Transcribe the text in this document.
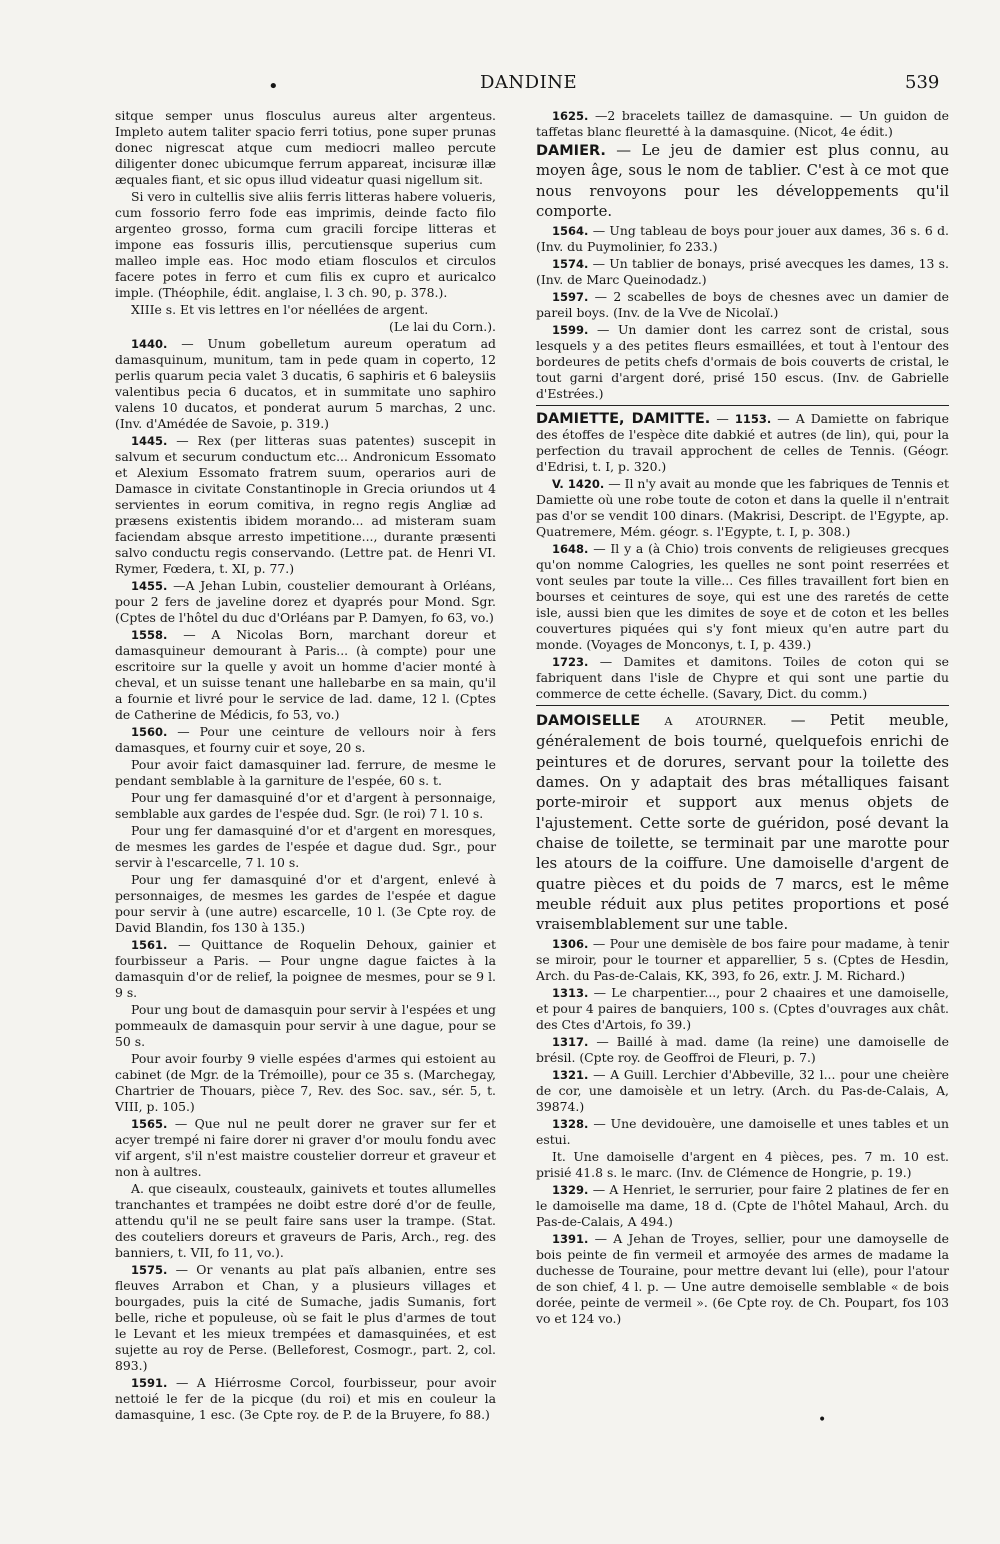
•	DANDINE	539

sitque semper unus flosculus aureus alter argenteus. Impleto autem taliter spacio ferri totius, pone super prunas donec nigrescat atque cum mediocri malleo percute diligenter donec ubicumque ferrum appareat, incisuræ illæ æquales fiant, et sic opus illud videatur quasi nigellum sit.

Si vero in cultellis sive aliis ferris litteras habere volueris, cum fossorio ferro fode eas imprimis, deinde facto filo argenteo grosso, forma cum gracili forcipe litteras et impone eas fossuris illis, percutiensque superius cum malleo imple eas. Hoc modo etiam flosculos et circulos facere potes in ferro et cum filis ex cupro et auricalco imple. (Théophile, édit. anglaise, l. 3 ch. 90, p. 378.).

XIIIe s. Et vis lettres en l'or néellées de argent.

(Le lai du Corn.).

1440. — Unum gobelletum aureum operatum ad damasquinum, munitum, tam in pede quam in coperto, 12 perlis quarum pecia valet 3 ducatis, 6 saphiris et 6 baleysiis valentibus pecia 6 ducatos, et in summitate uno saphiro valens 10 ducatos, et ponderat aurum 5 marchas, 2 unc. (Inv. d'Amédée de Savoie, p. 319.)

1445. — Rex (per litteras suas patentes) suscepit in salvum et securum conductum etc... Andronicum Essomato et Alexium Essomato fratrem suum, operarios auri de Damasce in civitate Constantinople in Grecia oriundos ut 4 servientes in eorum comitiva, in regno regis Angliæ ad præsens existentis ibidem morando... ad misteram suam faciendam absque arresto impetitione..., durante præsenti salvo conductu regis conservando. (Lettre pat. de Henri VI. Rymer, Fœdera, t. XI, p. 77.)

1455. —A Jehan Lubin, coustelier demourant à Orléans, pour 2 fers de javeline dorez et dyaprés pour Mond. Sgr. (Cptes de l'hôtel du duc d'Orléans par P. Damyen, fo 63, vo.)

1558. — A Nicolas Born, marchant doreur et damasquineur demourant à Paris... (à compte) pour une escritoire sur la quelle y avoit un homme d'acier monté à cheval, et un suisse tenant une hallebarbe en sa main, qu'il a fournie et livré pour le service de lad. dame, 12 l. (Cptes de Catherine de Médicis, fo 53, vo.)

1560. — Pour une ceinture de vellours noir à fers damasques, et fourny cuir et soye, 20 s.

Pour avoir faict damasquiner lad. ferrure, de mesme le pendant semblable à la garniture de l'espée, 60 s. t.

Pour ung fer damasquiné d'or et d'argent à personnaige, semblable aux gardes de l'espée dud. Sgr. (le roi) 7 l. 10 s.

Pour ung fer damasquiné d'or et d'argent en moresques, de mesmes les gardes de l'espée et dague dud. Sgr., pour servir à l'escarcelle, 7 l. 10 s.

Pour ung fer damasquiné d'or et d'argent, enlevé à personnaiges, de mesmes les gardes de l'espée et dague pour servir à (une autre) escarcelle, 10 l. (3e Cpte roy. de David Blandin, fos 130 à 135.)

1561. — Quittance de Roquelin Dehoux, gainier et fourbisseur a Paris. — Pour ungne dague faictes à la damasquin d'or de relief, la poignee de mesmes, pour se 9 l. 9 s.

Pour ung bout de damasquin pour servir à l'espées et ung pommeaulx de damasquin pour servir à une dague, pour se 50 s.

Pour avoir fourby 9 vielle espées d'armes qui estoient au cabinet (de Mgr. de la Trémoille), pour ce 35 s. (Marchegay, Chartrier de Thouars, pièce 7, Rev. des Soc. sav., sér. 5, t. VIII, p. 105.)

1565. — Que nul ne peult dorer ne graver sur fer et acyer trempé ni faire dorer ni graver d'or moulu fondu avec vif argent, s'il n'est maistre coustelier dorreur et graveur et non à aultres.

A. que ciseaulx, cousteaulx, gainivets et toutes allumelles tranchantes et trampées ne doibt estre doré d'or de feulle, attendu qu'il ne se peult faire sans user la trampe. (Stat. des couteliers doreurs et graveurs de Paris, Arch., reg. des banniers, t. VII, fo 11, vo.).

1575. — Or venants au plat païs albanien, entre ses fleuves Arrabon et Chan, y a plusieurs villages et bourgades, puis la cité de Sumache, jadis Sumanis, fort belle, riche et populeuse, où se fait le plus d'armes de tout le Levant et les mieux trempées et damasquinées, et est sujette au roy de Perse. (Belleforest, Cosmogr., part. 2, col. 893.)

1591. — A Hiérrosme Corcol, fourbisseur, pour avoir nettoié le fer de la picque (du roi) et mis en couleur la damasquine, 1 esc. (3e Cpte roy. de P. de la Bruyere, fo 88.)

1625. —2 bracelets taillez de damasquine. — Un guidon de taffetas blanc fleuretté à la damasquine. (Nicot, 4e édit.)

DAMIER. — Le jeu de damier est plus connu, au moyen âge, sous le nom de tablier. C'est à ce mot que nous renvoyons pour les développements qu'il comporte.

1564. — Ung tableau de boys pour jouer aux dames, 36 s. 6 d. (Inv. du Puymolinier, fo 233.)

1574. — Un tablier de bonays, prisé avecques les dames, 13 s. (Inv. de Marc Queinodadz.)

1597. — 2 scabelles de boys de chesnes avec un damier de pareil boys. (Inv. de la Vve de Nicolaï.)

1599. — Un damier dont les carrez sont de cristal, sous lesquels y a des petites fleurs esmaillées, et tout à l'entour des bordeures de petits chefs d'ormais de bois couverts de cristal, le tout garni d'argent doré, prisé 150 escus. (Inv. de Gabrielle d'Estrées.)

DAMIETTE, DAMITTE. — 1153. — A Damiette on fabrique des étoffes de l'espèce dite dabkié et autres (de lin), qui, pour la perfection du travail approchent de celles de Tennis. (Géogr. d'Edrisi, t. I, p. 320.)

V. 1420. — Il n'y avait au monde que les fabriques de Tennis et Damiette où une robe toute de coton et dans la quelle il n'entrait pas d'or se vendit 100 dinars. (Makrisi, Descript. de l'Egypte, ap. Quatremere, Mém. géogr. s. l'Egypte, t. I, p. 308.)

1648. — Il y a (à Chio) trois convents de religieuses grecques qu'on nomme Calogries, les quelles ne sont point reserrées et vont seules par toute la ville... Ces filles travaillent fort bien en bourses et ceintures de soye, qui est une des raretés de cette isle, aussi bien que les dimites de soye et de coton et les belles couvertures piquées qui s'y font mieux qu'en autre part du monde. (Voyages de Monconys, t. I, p. 439.)

1723. — Damites et damitons. Toiles de coton qui se fabriquent dans l'isle de Chypre et qui sont une partie du commerce de cette échelle. (Savary, Dict. du comm.)

DAMOISELLE A ATOURNER. — Petit meuble, généralement de bois tourné, quelquefois enrichi de peintures et de dorures, servant pour la toilette des dames. On y adaptait des bras métalliques faisant porte-miroir et support aux menus objets de l'ajustement. Cette sorte de guéridon, posé devant la chaise de toilette, se terminait par une marotte pour les atours de la coiffure. Une damoiselle d'argent de quatre pièces et du poids de 7 marcs, est le même meuble réduit aux plus petites proportions et posé vraisemblablement sur une table.

1306. — Pour une demisèle de bos faire pour madame, à tenir se miroir, pour le tourner et apparellier, 5 s. (Cptes de Hesdin, Arch. du Pas-de-Calais, KK, 393, fo 26, extr. J. M. Richard.)

1313. — Le charpentier..., pour 2 chaaires et une damoiselle, et pour 4 paires de banquiers, 100 s. (Cptes d'ouvrages aux chât. des Ctes d'Artois, fo 39.)

1317. — Baillé à mad. dame (la reine) une damoiselle de brésil. (Cpte roy. de Geoffroi de Fleuri, p. 7.)

1321. — A Guill. Lerchier d'Abbeville, 32 l... pour une cheière de cor, une damoisèle et un letry. (Arch. du Pas-de-Calais, A, 39874.)

1328. — Une devidouère, une damoiselle et unes tables et un estui.

It. Une damoiselle d'argent en 4 pièces, pes. 7 m. 10 est. prisié 41.8 s. le marc. (Inv. de Clémence de Hongrie, p. 19.)

1329. — A Henriet, le serrurier, pour faire 2 platines de fer en le damoiselle ma dame, 18 d. (Cpte de l'hôtel Mahaul, Arch. du Pas-de-Calais, A 494.)

1391. — A Jehan de Troyes, sellier, pour une damoyselle de bois peinte de fin vermeil et armoyée des armes de madame la duchesse de Touraine, pour mettre devant lui (elle), pour l'atour de son chief, 4 l. p. — Une autre demoiselle semblable « de bois dorée, peinte de vermeil ». (6e Cpte roy. de Ch. Poupart, fos 103 vo et 124 vo.)

•
